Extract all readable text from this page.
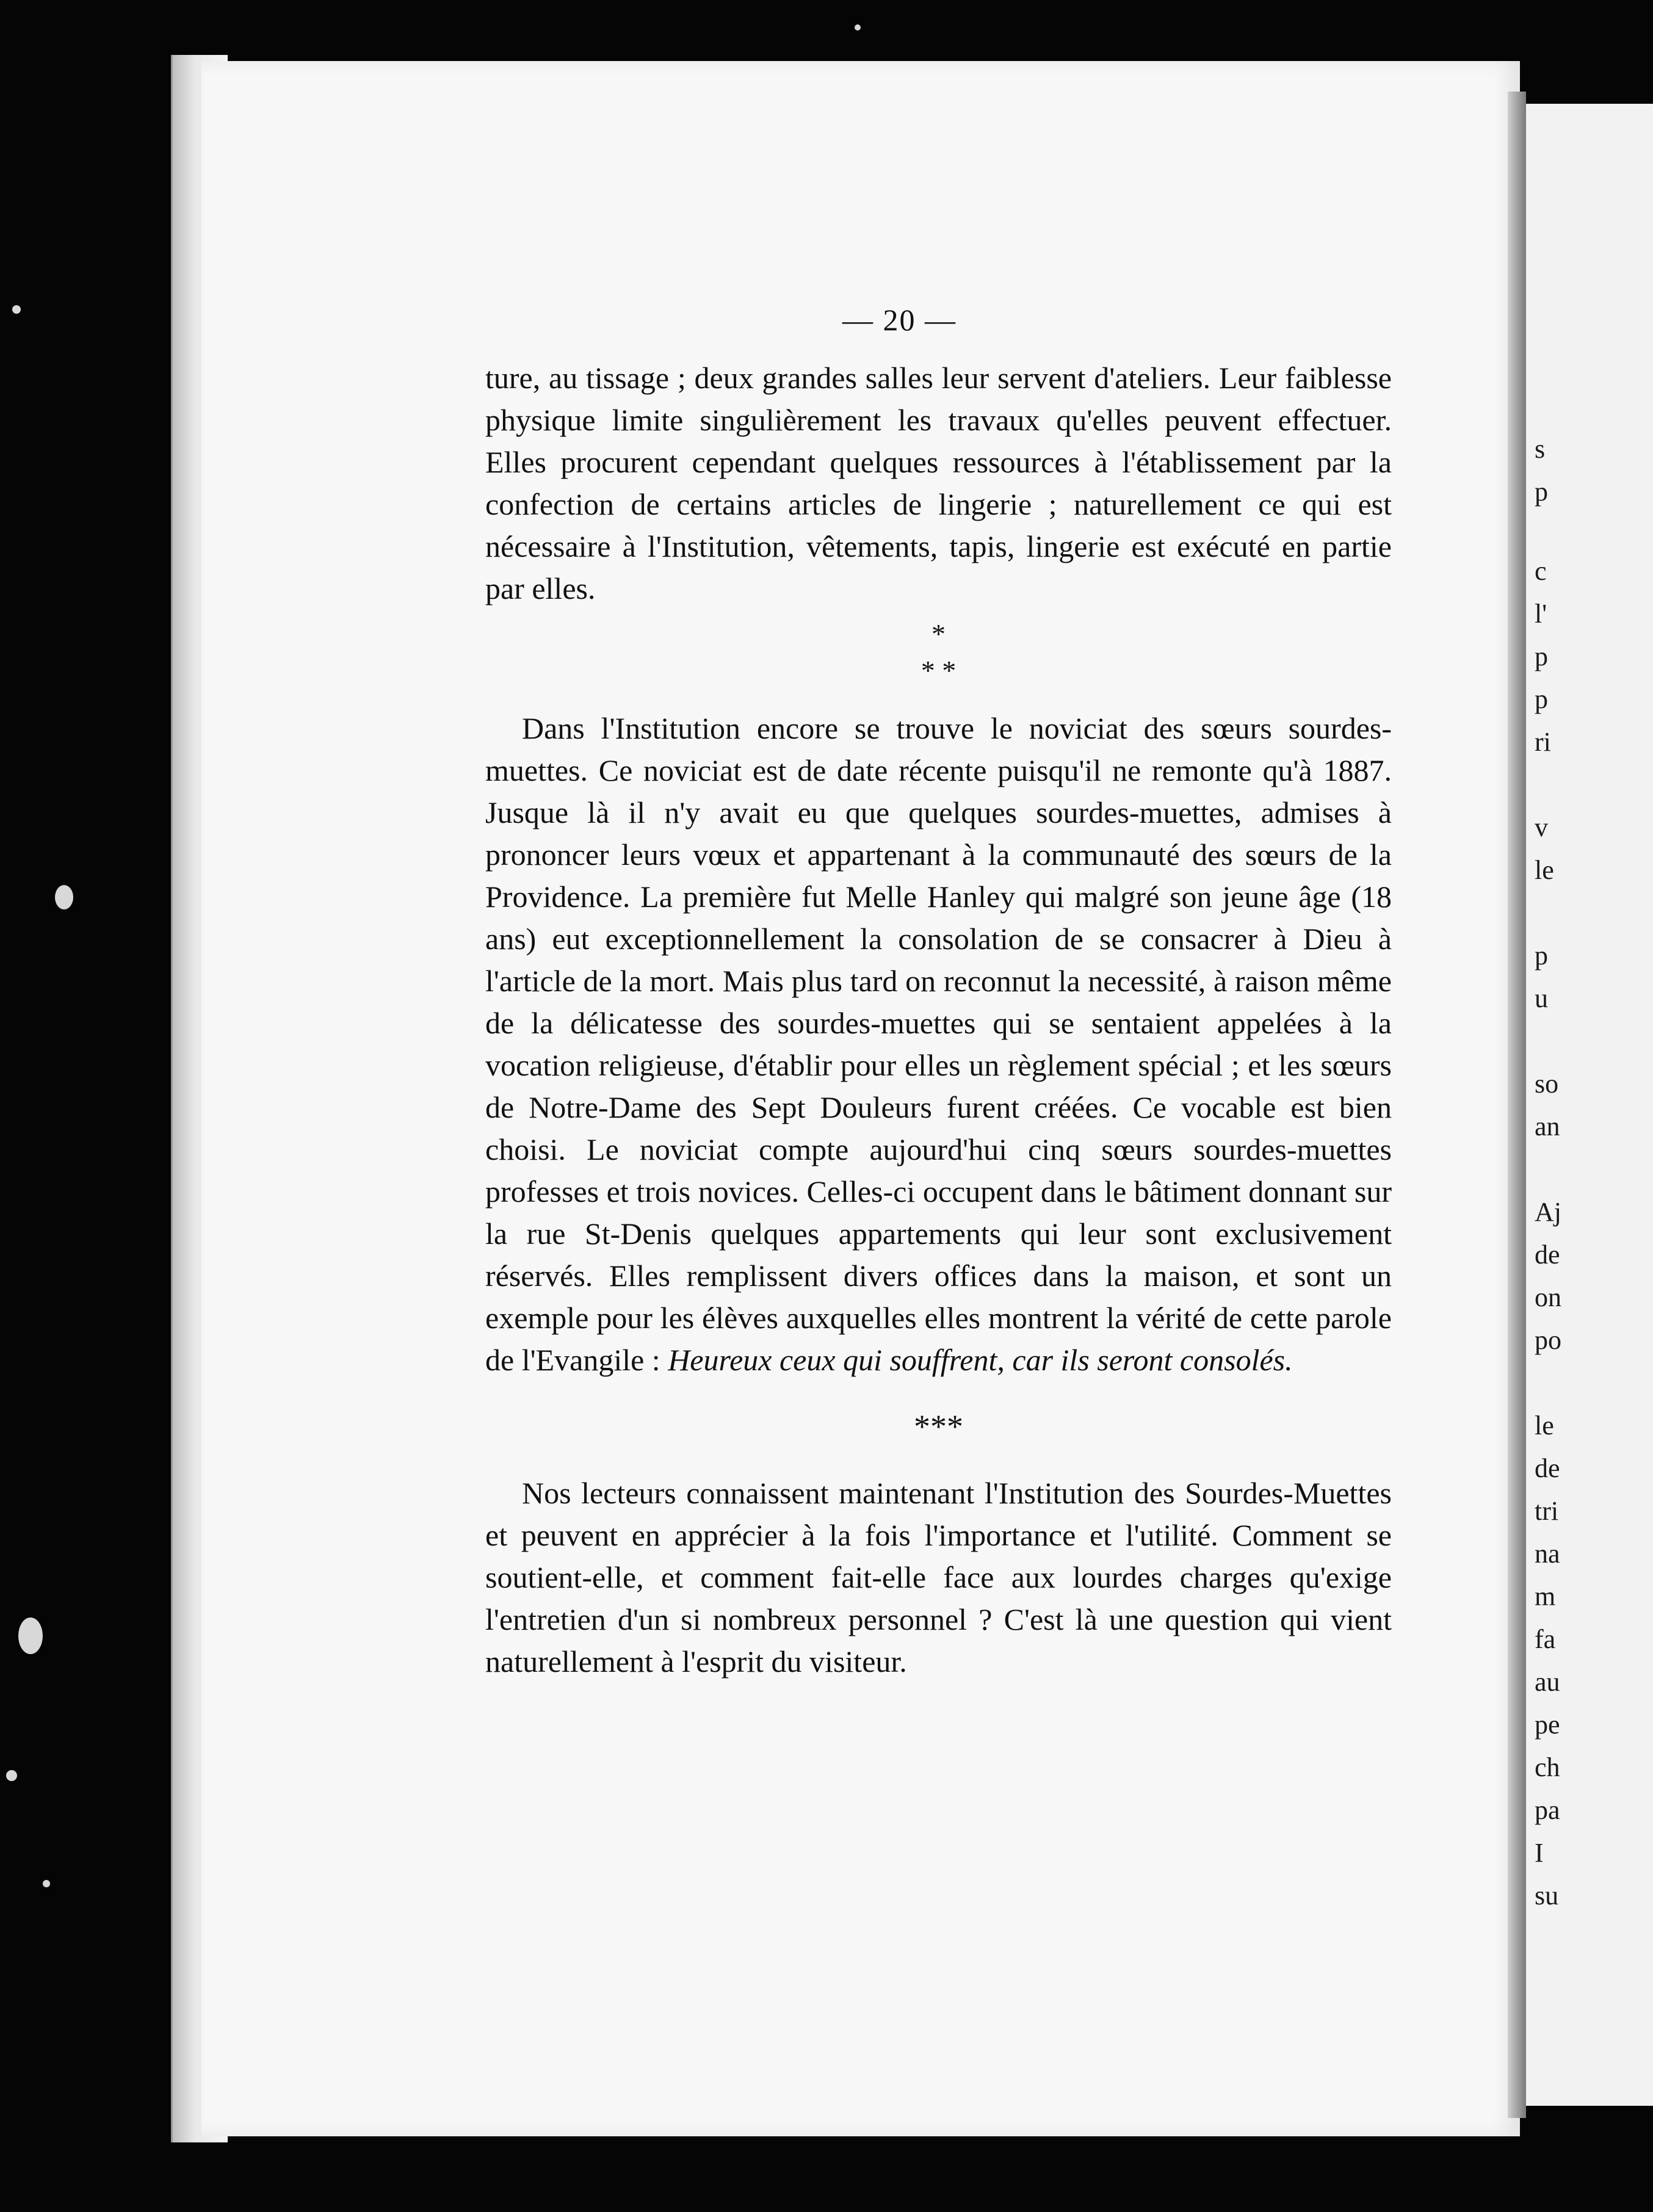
s
p
c
l'
p
p
ri
v
le
p
u
so
an
Aj
de
on
po
le
de
tri
na
m
fa
au
pe
ch
pa
I
su
— 20 —

ture, au tissage ; deux grandes salles leur servent d'ateliers. Leur faiblesse physique limite singulièrement les travaux qu'elles peuvent effectuer. Elles procurent cependant quelques ressources à l'établissement par la confection de certains articles de lingerie ; naturellement ce qui est nécessaire à l'Institution, vêtements, tapis, lingerie est exécuté en partie par elles.

*
* *

Dans l'Institution encore se trouve le noviciat des sœurs sourdes-muettes. Ce noviciat est de date récente puisqu'il ne remonte qu'à 1887. Jusque là il n'y avait eu que quelques sourdes-muettes, admises à prononcer leurs vœux et appartenant à la communauté des sœurs de la Providence. La première fut Melle Hanley qui malgré son jeune âge (18 ans) eut exceptionnellement la consolation de se consacrer à Dieu à l'article de la mort. Mais plus tard on reconnut la necessité, à raison même de la délicatesse des sourdes-muettes qui se sentaient appelées à la vocation religieuse, d'établir pour elles un règlement spécial ; et les sœurs de Notre-Dame des Sept Douleurs furent créées. Ce vocable est bien choisi. Le noviciat compte aujourd'hui cinq sœurs sourdes-muettes professes et trois novices. Celles-ci occupent dans le bâtiment donnant sur la rue St-Denis quelques appartements qui leur sont exclusivement réservés. Elles remplissent divers offices dans la maison, et sont un exemple pour les élèves auxquelles elles montrent la vérité de cette parole de l'Evangile : Heureux ceux qui souffrent, car ils seront consolés.

***

Nos lecteurs connaissent maintenant l'Institution des Sourdes-Muettes et peuvent en apprécier à la fois l'importance et l'utilité. Comment se soutient-elle, et comment fait-elle face aux lourdes charges qu'exige l'entretien d'un si nombreux personnel ? C'est là une question qui vient naturellement à l'esprit du visiteur.
